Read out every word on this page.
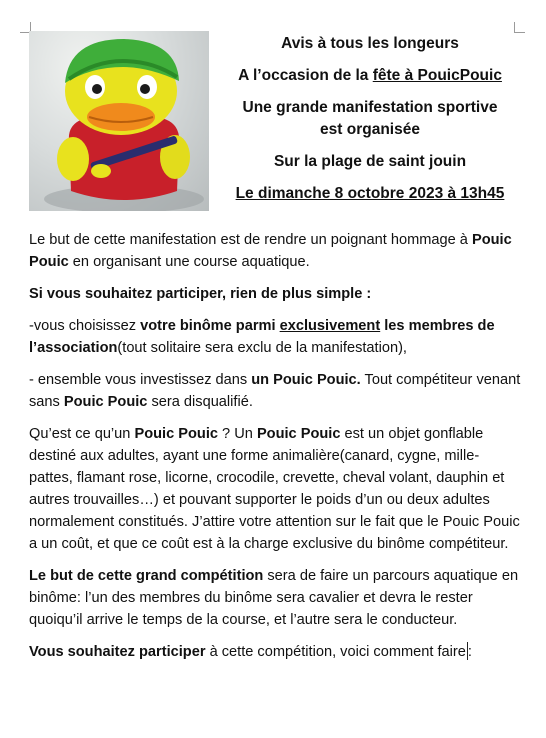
Avis à tous les longeurs
A l’occasion de la fête à PouicPouic
Une grande manifestation sportive
est organisée
Sur la plage de saint jouin
Le dimanche 8 octobre 2023 à 13h45

Le but de cette manifestation est de rendre un poignant hommage à Pouic Pouic en organisant une course aquatique.

Si vous souhaitez participer, rien de plus simple :

-vous choisissez votre binôme parmi exclusivement les membres de l’association(tout solitaire sera exclu de la manifestation),

- ensemble vous investissez dans un Pouic Pouic. Tout compétiteur venant sans Pouic Pouic sera disqualifié.

Qu’est ce qu’un Pouic Pouic ? Un Pouic Pouic est un objet gonflable destiné aux adultes, ayant une forme animalière(canard, cygne, mille-pattes, flamant rose, licorne, crocodile, crevette, cheval volant, dauphin et autres trouvailles…) et pouvant supporter le poids d’un ou deux adultes normalement constitués. J’attire votre attention sur le fait que le Pouic Pouic a un coût, et que ce coût est à la charge exclusive du binôme compétiteur.

Le but de cette grand compétition sera de faire un parcours aquatique en binôme: l’un des membres du binôme sera cavalier et devra le rester quoiqu’il arrive le temps de la course, et l’autre sera le conducteur.

Vous souhaitez participer à cette compétition, voici comment faire :
